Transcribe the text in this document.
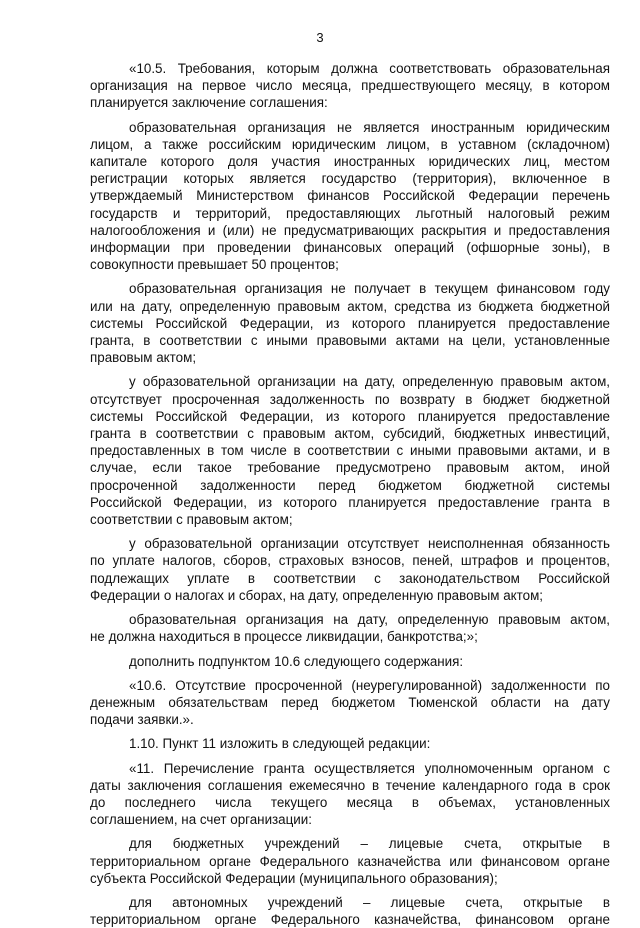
3
«10.5. Требования, которым должна соответствовать образовательная
организация на первое число месяца, предшествующего месяцу, в котором
планируется заключение соглашения:
образовательная организация не является иностранным юридическим
лицом, а также российским юридическим лицом, в уставном (складочном)
капитале которого доля участия иностранных юридических лиц, местом
регистрации которых является государство (территория), включенное в
утверждаемый Министерством финансов Российской Федерации перечень
государств и территорий, предоставляющих льготный налоговый режим
налогообложения и (или) не предусматривающих раскрытия и предоставления
информации при проведении финансовых операций (офшорные зоны), в
совокупности превышает 50 процентов;
образовательная организация не получает в текущем финансовом году
или на дату, определенную правовым актом, средства из бюджета бюджетной
системы Российской Федерации, из которого планируется предоставление
гранта, в соответствии с иными правовыми актами на цели, установленные
правовым актом;
у образовательной организации на дату, определенную правовым актом,
отсутствует просроченная задолженность по возврату в бюджет бюджетной
системы Российской Федерации, из которого планируется предоставление
гранта в соответствии с правовым актом, субсидий, бюджетных инвестиций,
предоставленных в том числе в соответствии с иными правовыми актами, и в
случае, если такое требование предусмотрено правовым актом, иной
просроченной задолженности перед бюджетом бюджетной системы
Российской Федерации, из которого планируется предоставление гранта в
соответствии с правовым актом;
у образовательной организации отсутствует неисполненная обязанность
по уплате налогов, сборов, страховых взносов, пеней, штрафов и процентов,
подлежащих уплате в соответствии с законодательством Российской
Федерации о налогах и сборах, на дату, определенную правовым актом;
образовательная организация на дату, определенную правовым актом,
не должна находиться в процессе ликвидации, банкротства;»;
дополнить подпунктом 10.6 следующего содержания:
«10.6. Отсутствие просроченной (неурегулированной) задолженности по
денежным обязательствам перед бюджетом Тюменской области на дату
подачи заявки.».
1.10. Пункт 11 изложить в следующей редакции:
«11. Перечисление гранта осуществляется уполномоченным органом с
даты заключения соглашения ежемесячно в течение календарного года в срок
до последнего числа текущего месяца в объемах, установленных
соглашением, на счет организации:
для бюджетных учреждений – лицевые счета, открытые в
территориальном органе Федерального казначейства или финансовом органе
субъекта Российской Федерации (муниципального образования);
для автономных учреждений – лицевые счета, открытые в
территориальном органе Федерального казначейства, финансовом органе
